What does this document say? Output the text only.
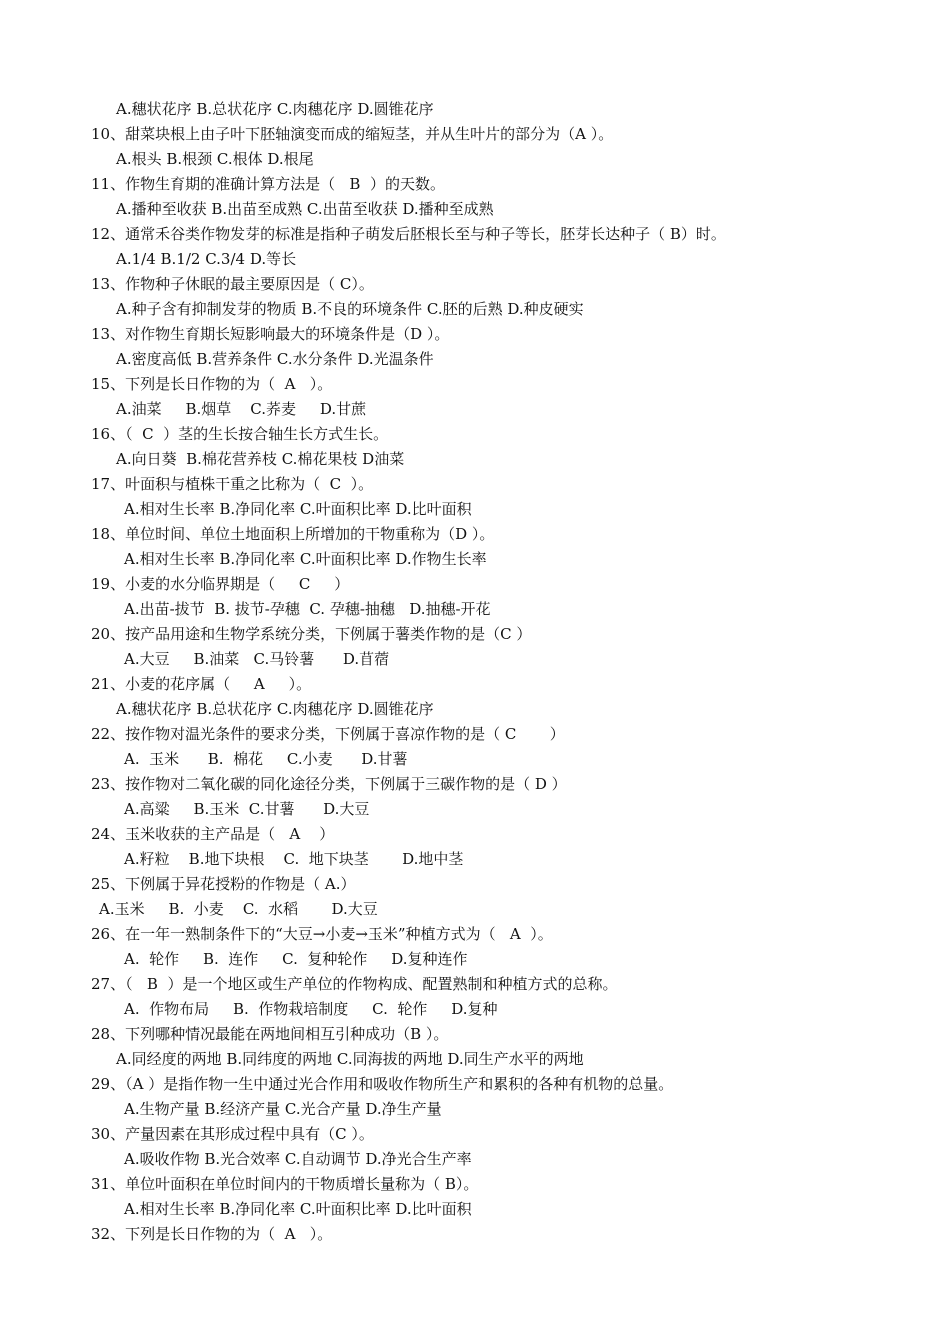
A.穗状花序 B.总状花序 C.肉穗花序 D.圆锥花序
10、甜菜块根上由子叶下胚轴演变而成的缩短茎，并从生叶片的部分为（A ）。
A.根头 B.根颈 C.根体 D.根尾
11、作物生育期的准确计算方法是（   B  ）的天数。
A.播种至收获 B.出苗至成熟 C.出苗至收获 D.播种至成熟
12、通常禾谷类作物发芽的标准是指种子萌发后胚根长至与种子等长，胚芽长达种子（ B）时。
A.1/4 B.1/2 C.3/4 D.等长
13、作物种子休眠的最主要原因是（ C）。
A.种子含有抑制发芽的物质 B.不良的环境条件 C.胚的后熟 D.种皮硬实
13、对作物生育期长短影响最大的环境条件是（D ）。
A.密度高低 B.营养条件 C.水分条件 D.光温条件
15、下列是长日作物的为（  A   ）。
A.油菜     B.烟草    C.荞麦     D.甘蔗
16、（  C  ）茎的生长按合轴生长方式生长。
A.向日葵  B.棉花营养枝 C.棉花果枝 D油菜
17、叶面积与植株干重之比称为（  C  ）。
A.相对生长率 B.净同化率 C.叶面积比率 D.比叶面积
18、单位时间、单位土地面积上所增加的干物重称为（D ）。
A.相对生长率 B.净同化率 C.叶面积比率 D.作物生长率
19、小麦的水分临界期是（     C     ）
A.出苗-拔节  B. 拔节-孕穗  C. 孕穗-抽穗   D.抽穗-开花
20、按产品用途和生物学系统分类，下例属于薯类作物的是（C ）
A.大豆     B.油菜   C.马铃薯      D.苜蓿
21、小麦的花序属（     A     ）。
A.穗状花序 B.总状花序 C.肉穗花序 D.圆锥花序
22、按作物对温光条件的要求分类，下例属于喜凉作物的是（ C       ）
A.  玉米      B.  棉花     C.小麦      D.甘薯
23、按作物对二氧化碳的同化途径分类，下例属于三碳作物的是（ D ）
A.高粱     B.玉米  C.甘薯      D.大豆
24、玉米收获的主产品是（   A    ）
A.籽粒    B.地下块根    C.  地下块茎       D.地中茎
25、下例属于异花授粉的作物是（ A.）
A.玉米     B.  小麦    C.  水稻       D.大豆
26、在一年一熟制条件下的“大豆→小麦→玉米”种植方式为（   A  ）。
A.  轮作     B.  连作     C.  复种轮作     D.复种连作
27、（   B  ）是一个地区或生产单位的作物构成、配置熟制和种植方式的总称。
A.  作物布局     B.  作物栽培制度     C.  轮作     D.复种
28、下列哪种情况最能在两地间相互引种成功（B ）。
A.同经度的两地 B.同纬度的两地 C.同海拔的两地 D.同生产水平的两地
29、（A ）是指作物一生中通过光合作用和吸收作物所生产和累积的各种有机物的总量。
A.生物产量 B.经济产量 C.光合产量 D.净生产量
30、产量因素在其形成过程中具有（C ）。
A.吸收作物 B.光合效率 C.自动调节 D.净光合生产率
31、单位叶面积在单位时间内的干物质增长量称为（ B）。
A.相对生长率 B.净同化率 C.叶面积比率 D.比叶面积
32、下列是长日作物的为（  A   ）。
